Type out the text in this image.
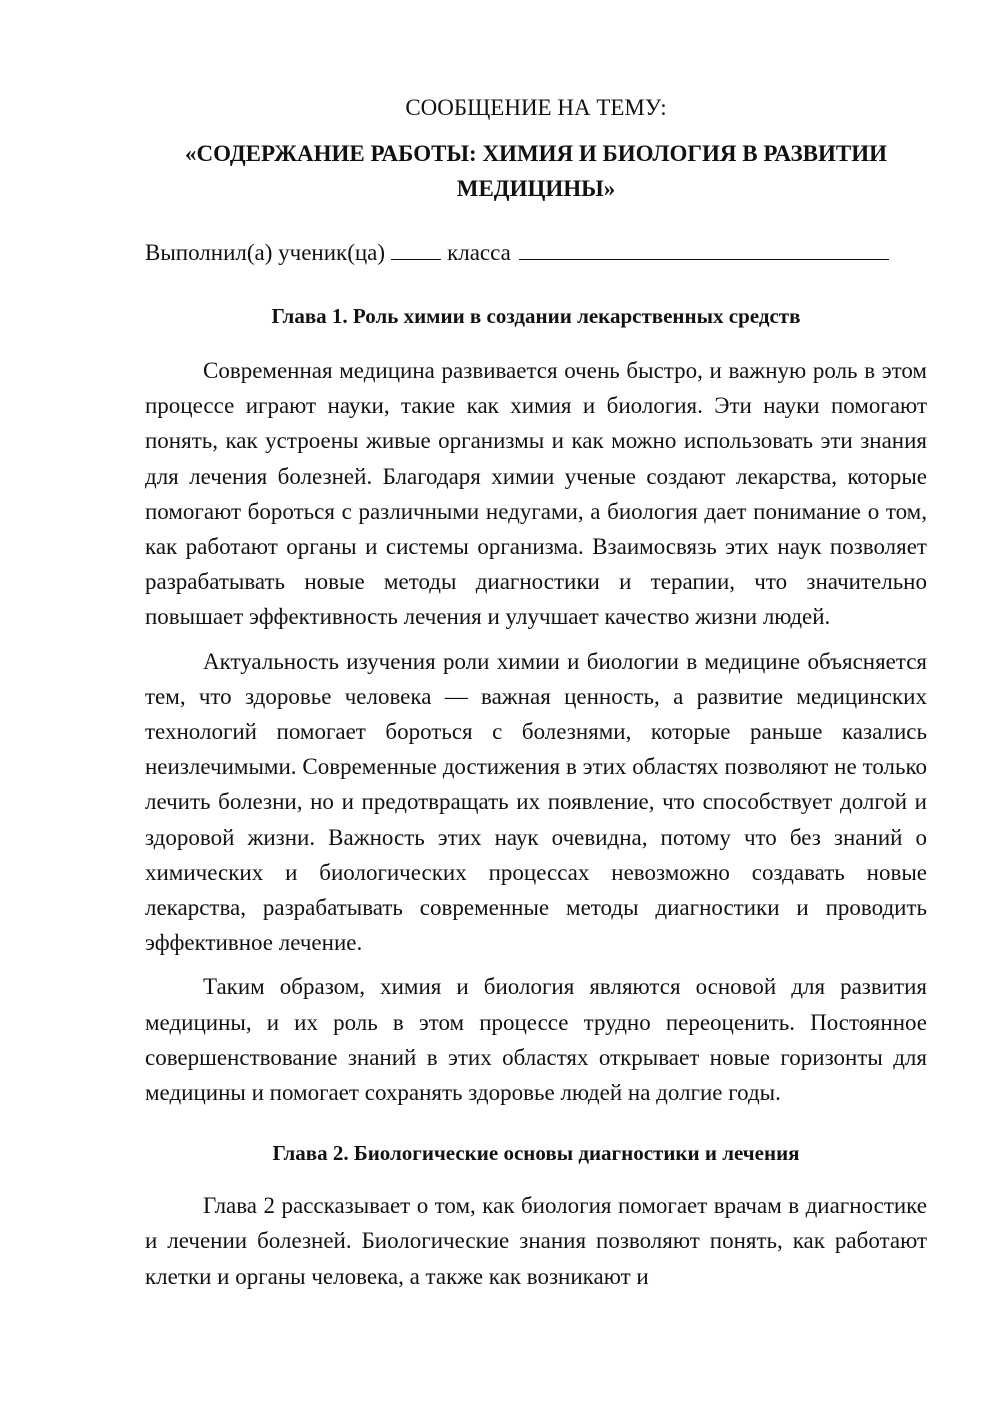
СООБЩЕНИЕ НА ТЕМУ:

«СОДЕРЖАНИЕ РАБОТЫ: ХИМИЯ И БИОЛОГИЯ В РАЗВИТИИ МЕДИЦИНЫ»

Выполнил(а) ученик(ца)	класса
Глава 1. Роль химии в создании лекарственных средств

Современная медицина развивается очень быстро, и важную роль в этом процессе играют науки, такие как химия и биология. Эти науки помогают понять, как устроены живые организмы и как можно использовать эти знания для лечения болезней. Благодаря химии ученые создают лекарства, которые помогают бороться с различными недугами, а биология дает понимание о том, как работают органы и системы организма. Взаимосвязь этих наук позволяет разрабатывать новые методы диагностики и терапии, что значительно повышает эффективность лечения и улучшает качество жизни людей.

Актуальность изучения роли химии и биологии в медицине объясняется тем, что здоровье человека — важная ценность, а развитие медицинских технологий помогает бороться с болезнями, которые раньше казались неизлечимыми. Современные достижения в этих областях позволяют не только лечить болезни, но и предотвращать их появление, что способствует долгой и здоровой жизни. Важность этих наук очевидна, потому что без знаний о химических и биологических процессах невозможно создавать новые лекарства, разрабатывать современные методы диагностики и проводить эффективное лечение.

Таким образом, химия и биология являются основой для развития медицины, и их роль в этом процессе трудно переоценить. Постоянное совершенствование знаний в этих областях открывает новые горизонты для медицины и помогает сохранять здоровье людей на долгие годы.

Глава 2. Биологические основы диагностики и лечения

Глава 2 рассказывает о том, как биология помогает врачам в диагностике и лечении болезней. Биологические знания позволяют понять, как работают клетки и органы человека, а также как возникают и
